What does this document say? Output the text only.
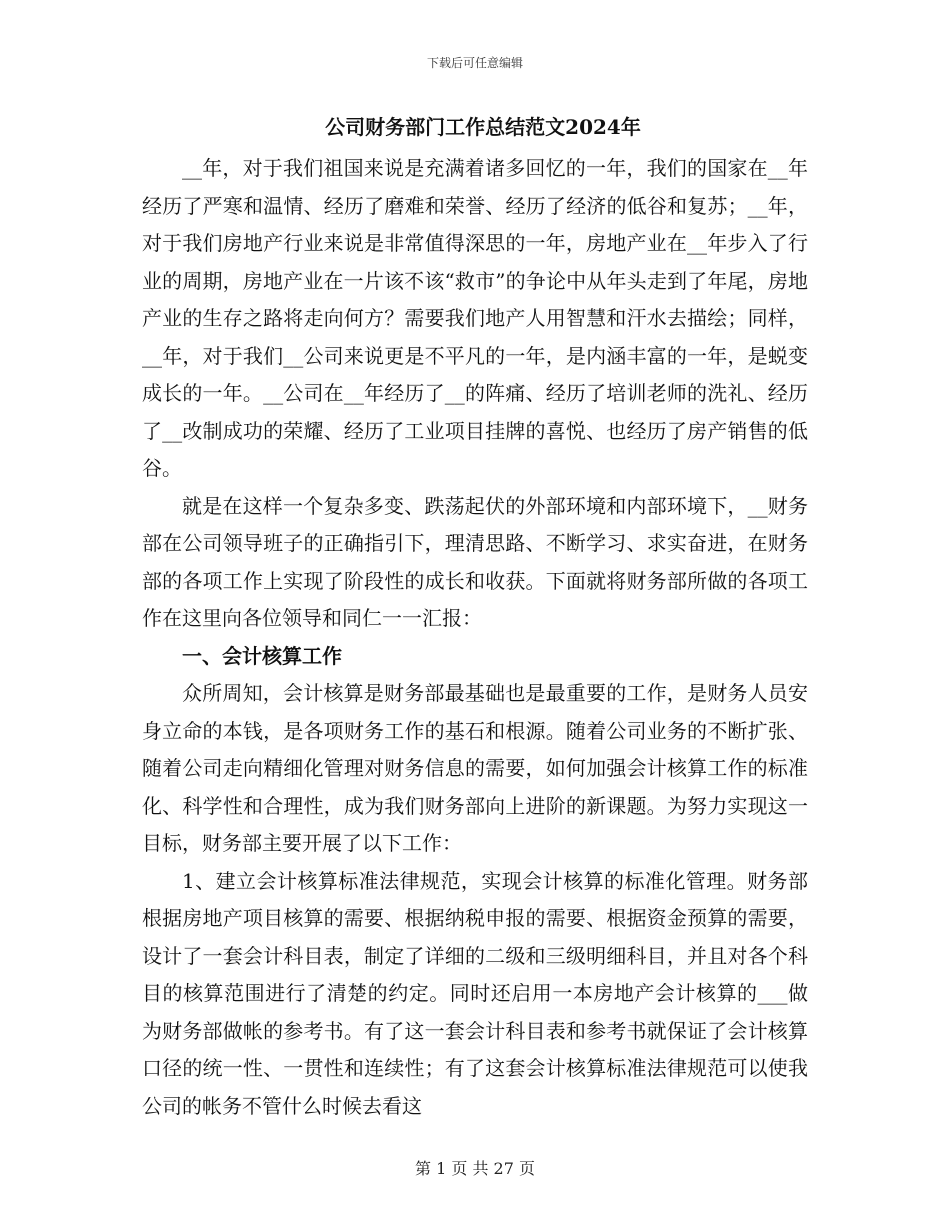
下载后可任意编辑
公司财务部门工作总结范文2024年

__年，对于我们祖国来说是充满着诸多回忆的一年，我们的国家在__年经历了严寒和温情、经历了磨难和荣誉、经历了经济的低谷和复苏；__年，对于我们房地产行业来说是非常值得深思的一年，房地产业在__年步入了行业的周期，房地产业在一片该不该“救市”的争论中从年头走到了年尾，房地产业的生存之路将走向何方？需要我们地产人用智慧和汗水去描绘；同样，__年，对于我们__公司来说更是不平凡的一年，是内涵丰富的一年，是蜕变成长的一年。__公司在__年经历了__的阵痛、经历了培训老师的洗礼、经历了__改制成功的荣耀、经历了工业项目挂牌的喜悦、也经历了房产销售的低谷。

就是在这样一个复杂多变、跌荡起伏的外部环境和内部环境下，__财务部在公司领导班子的正确指引下，理清思路、不断学习、求实奋进，在财务部的各项工作上实现了阶段性的成长和收获。下面就将财务部所做的各项工作在这里向各位领导和同仁一一汇报：

一、会计核算工作

众所周知，会计核算是财务部最基础也是最重要的工作，是财务人员安身立命的本钱，是各项财务工作的基石和根源。随着公司业务的不断扩张、随着公司走向精细化管理对财务信息的需要，如何加强会计核算工作的标准化、科学性和合理性，成为我们财务部向上进阶的新课题。为努力实现这一目标，财务部主要开展了以下工作：

1、建立会计核算标准法律规范，实现会计核算的标准化管理。财务部根据房地产项目核算的需要、根据纳税申报的需要、根据资金预算的需要，设计了一套会计科目表，制定了详细的二级和三级明细科目，并且对各个科目的核算范围进行了清楚的约定。同时还启用一本房地产会计核算的___做为财务部做帐的参考书。有了这一套会计科目表和参考书就保证了会计核算口径的统一性、一贯性和连续性；有了这套会计核算标准法律规范可以使我公司的帐务不管什么时候去看这

第 1 页 共 27 页
